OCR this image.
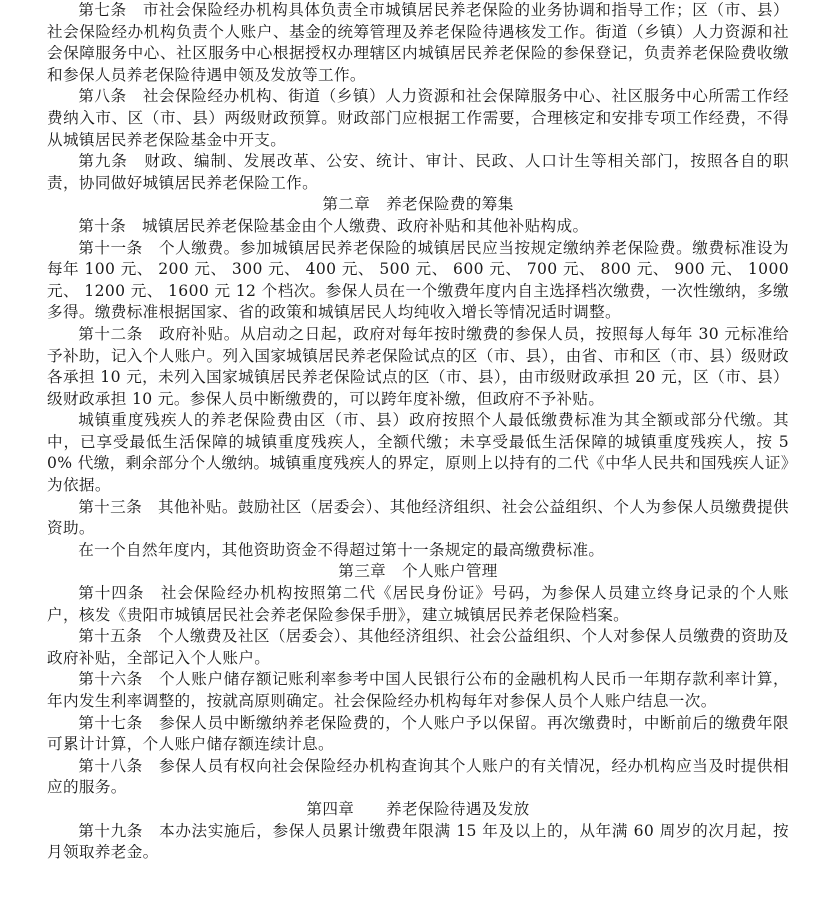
第七条　市社会保险经办机构具体负责全市城镇居民养老保险的业务协调和指导工作；区（市、县）社会保险经办机构负责个人账户、基金的统筹管理及养老保险待遇核发工作。街道（乡镇）人力资源和社会保障服务中心、社区服务中心根据授权办理辖区内城镇居民养老保险的参保登记，负责养老保险费收缴和参保人员养老保险待遇申领及发放等工作。

第八条　社会保险经办机构、街道（乡镇）人力资源和社会保障服务中心、社区服务中心所需工作经费纳入市、区（市、县）两级财政预算。财政部门应根据工作需要，合理核定和安排专项工作经费，不得从城镇居民养老保险基金中开支。

第九条　财政、编制、发展改革、公安、统计、审计、民政、人口计生等相关部门，按照各自的职责，协同做好城镇居民养老保险工作。

第二章　养老保险费的筹集

第十条　城镇居民养老保险基金由个人缴费、政府补贴和其他补贴构成。

第十一条　个人缴费。参加城镇居民养老保险的城镇居民应当按规定缴纳养老保险费。缴费标准设为每年 100 元、 200 元、 300 元、 400 元、 500 元、 600 元、 700 元、 800 元、 900 元、 1000 元、 1200 元、 1600 元 12 个档次。参保人员在一个缴费年度内自主选择档次缴费，一次性缴纳，多缴多得。缴费标准根据国家、省的政策和城镇居民人均纯收入增长等情况适时调整。

第十二条　政府补贴。从启动之日起，政府对每年按时缴费的参保人员，按照每人每年 30 元标准给予补助，记入个人账户。列入国家城镇居民养老保险试点的区（市、县），由省、市和区（市、县）级财政各承担 10 元，未列入国家城镇居民养老保险试点的区（市、县），由市级财政承担 20 元，区（市、县）级财政承担 10 元。参保人员中断缴费的，可以跨年度补缴，但政府不予补贴。

城镇重度残疾人的养老保险费由区（市、县）政府按照个人最低缴费标准为其全额或部分代缴。其中，已享受最低生活保障的城镇重度残疾人，全额代缴；未享受最低生活保障的城镇重度残疾人，按 50% 代缴，剩余部分个人缴纳。城镇重度残疾人的界定，原则上以持有的二代《中华人民共和国残疾人证》为依据。

第十三条　其他补贴。鼓励社区（居委会）、其他经济组织、社会公益组织、个人为参保人员缴费提供资助。

在一个自然年度内，其他资助资金不得超过第十一条规定的最高缴费标准。

第三章　个人账户管理

第十四条　社会保险经办机构按照第二代《居民身份证》号码，为参保人员建立终身记录的个人账户，核发《贵阳市城镇居民社会养老保险参保手册》，建立城镇居民养老保险档案。

第十五条　个人缴费及社区（居委会）、其他经济组织、社会公益组织、个人对参保人员缴费的资助及政府补贴，全部记入个人账户。

第十六条　个人账户储存额记账利率参考中国人民银行公布的金融机构人民币一年期存款利率计算，年内发生利率调整的，按就高原则确定。社会保险经办机构每年对参保人员个人账户结息一次。

第十七条　参保人员中断缴纳养老保险费的，个人账户予以保留。再次缴费时，中断前后的缴费年限可累计计算，个人账户储存额连续计息。

第十八条　参保人员有权向社会保险经办机构查询其个人账户的有关情况，经办机构应当及时提供相应的服务。

第四章　　养老保险待遇及发放

第十九条　本办法实施后，参保人员累计缴费年限满 15 年及以上的，从年满 60 周岁的次月起，按月领取养老金。
